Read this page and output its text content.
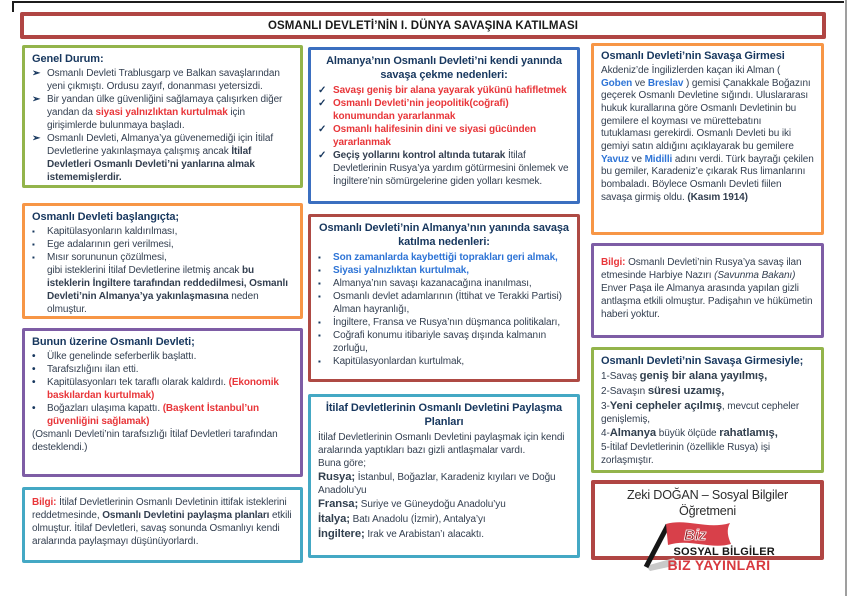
OSMANLI DEVLETİ’NİN I. DÜNYA SAVAŞINA KATILMASI
Genel Durum:
➢ Osmanlı Devleti Trablusgarp ve Balkan savaşlarından yeni çıkmıştı. Ordusu zayıf, donanması yetersizdi.
➢ Bir yandan ülke güvenliğini sağlamaya çalışırken diğer yandan da siyasi yalnızlıktan kurtulmak için girişimlerde bulunmaya başladı.
➢ Osmanlı Devleti, Almanya’ya güvenemediği için İtilaf Devletlerine yakınlaşmaya çalışmış ancak İtilaf Devletleri Osmanlı Devleti’ni yanlarına almak istememişlerdir.
Osmanlı Devleti başlangıçta;
▪	Kapitülasyonların kaldırılması,
▪	Ege adalarının geri verilmesi,
▪	Mısır sorununun çözülmesi,
gibi isteklerini İtilaf Devletlerine iletmiş ancak bu isteklerin İngiltere tarafından reddedilmesi, Osmanlı Devleti’nin Almanya’ya yakınlaşmasına neden olmuştur.
Bunun üzerine Osmanlı Devleti;
•	Ülke genelinde seferberlik başlattı.
•	Tarafsızlığını ilan etti.
•	Kapitülasyonları tek taraflı olarak kaldırdı. (Ekonomik baskılardan kurtulmak)
•	Boğazları ulaşıma kapattı. (Başkent İstanbul’un güvenliğini sağlamak)
(Osmanlı Devleti’nin tarafsızlığı İtilaf Devletleri tarafından desteklendi.)
Bilgi: İtilaf Devletlerinin Osmanlı Devletinin ittifak isteklerini reddetmesinde, Osmanlı Devletini paylaşma planları etkili olmuştur. İtilaf Devletleri, savaş sonunda Osmanlıyı kendi aralarında paylaşmayı düşünüyorlardı.
Almanya’nın Osmanlı Devleti’ni kendi yanında savaşa çekme nedenleri:
✓ Savaşı geniş bir alana yayarak yükünü hafifletmek
✓ Osmanlı Devleti’nin jeopolitik(coğrafi) konumundan yararlanmak
✓ Osmanlı halifesinin dini ve siyasi gücünden yararlanmak
✓ Geçiş yollarını kontrol altında tutarak İtilaf Devletlerinin Rusya’ya yardım götürmesini önlemek ve İngiltere’nin sömürgelerine giden yolları kesmek.
Osmanlı Devleti’nin Almanya’nın yanında savaşa katılma nedenleri:
▪	Son zamanlarda kaybettiği toprakları geri almak,
▪	Siyasi yalnızlıktan kurtulmak,
▪	Almanya’nın savaşı kazanacağına inanılması,
▪	Osmanlı devlet adamlarının (İttihat ve Terakki Partisi) Alman hayranlığı,
▪	İngiltere, Fransa ve Rusya’nın düşmanca politikaları,
▪	Coğrafi konumu itibariyle savaş dışında kalmanın zorluğu,
▪	Kapitülasyonlardan kurtulmak,
İtilaf Devletlerinin Osmanlı Devletini Paylaşma Planları
İtilaf Devletlerinin Osmanlı Devletini paylaşmak için kendi aralarında yaptıkları bazı gizli antlaşmalar vardı.
Buna göre;
Rusya; İstanbul, Boğazlar, Karadeniz kıyıları ve Doğu Anadolu’yu
Fransa; Suriye ve Güneydoğu Anadolu’yu
İtalya; Batı Anadolu (İzmir), Antalya’yı
İngiltere; Irak ve Arabistan’ı alacaktı.
Osmanlı Devleti’nin Savaşa Girmesi
Akdeniz’de İngilizlerden kaçan iki Alman ( Goben ve Breslav ) gemisi Çanakkale Boğazını geçerek Osmanlı Devletine sığındı. Uluslararası hukuk kurallarına göre Osmanlı Devletinin bu gemilere el koyması ve mürettebatını tutuklaması gerekirdi. Osmanlı Devleti bu iki gemiyi satın aldığını açıklayarak bu gemilere Yavuz ve Midilli adını verdi. Türk bayrağı çekilen bu gemiler, Karadeniz’e çıkarak Rus limanlarını bombaladı. Böylece Osmanlı Devleti fiilen savaşa girmiş oldu. (Kasım 1914)
Bilgi: Osmanlı Devleti’nin Rusya’ya savaş ilan etmesinde Harbiye Nazırı (Savunma Bakanı) Enver Paşa ile Almanya arasında yapılan gizli antlaşma etkili olmuştur. Padişahın ve hükümetin haberi yoktur.
Osmanlı Devleti’nin Savaşa Girmesiyle;
1-Savaş geniş bir alana yayılmış,
2-Savaşın süresi uzamış,
3-Yeni cepheler açılmış, mevcut cepheler genişlemiş,
4-Almanya büyük ölçüde rahatlamış,
5-İtilaf Devletlerinin (özellikle Rusya) işi zorlaşmıştır.
Zeki DOĞAN – Sosyal Bilgiler Öğretmeni
Biz
SOSYAL BİLGİLER
BİZ YAYINLARI
